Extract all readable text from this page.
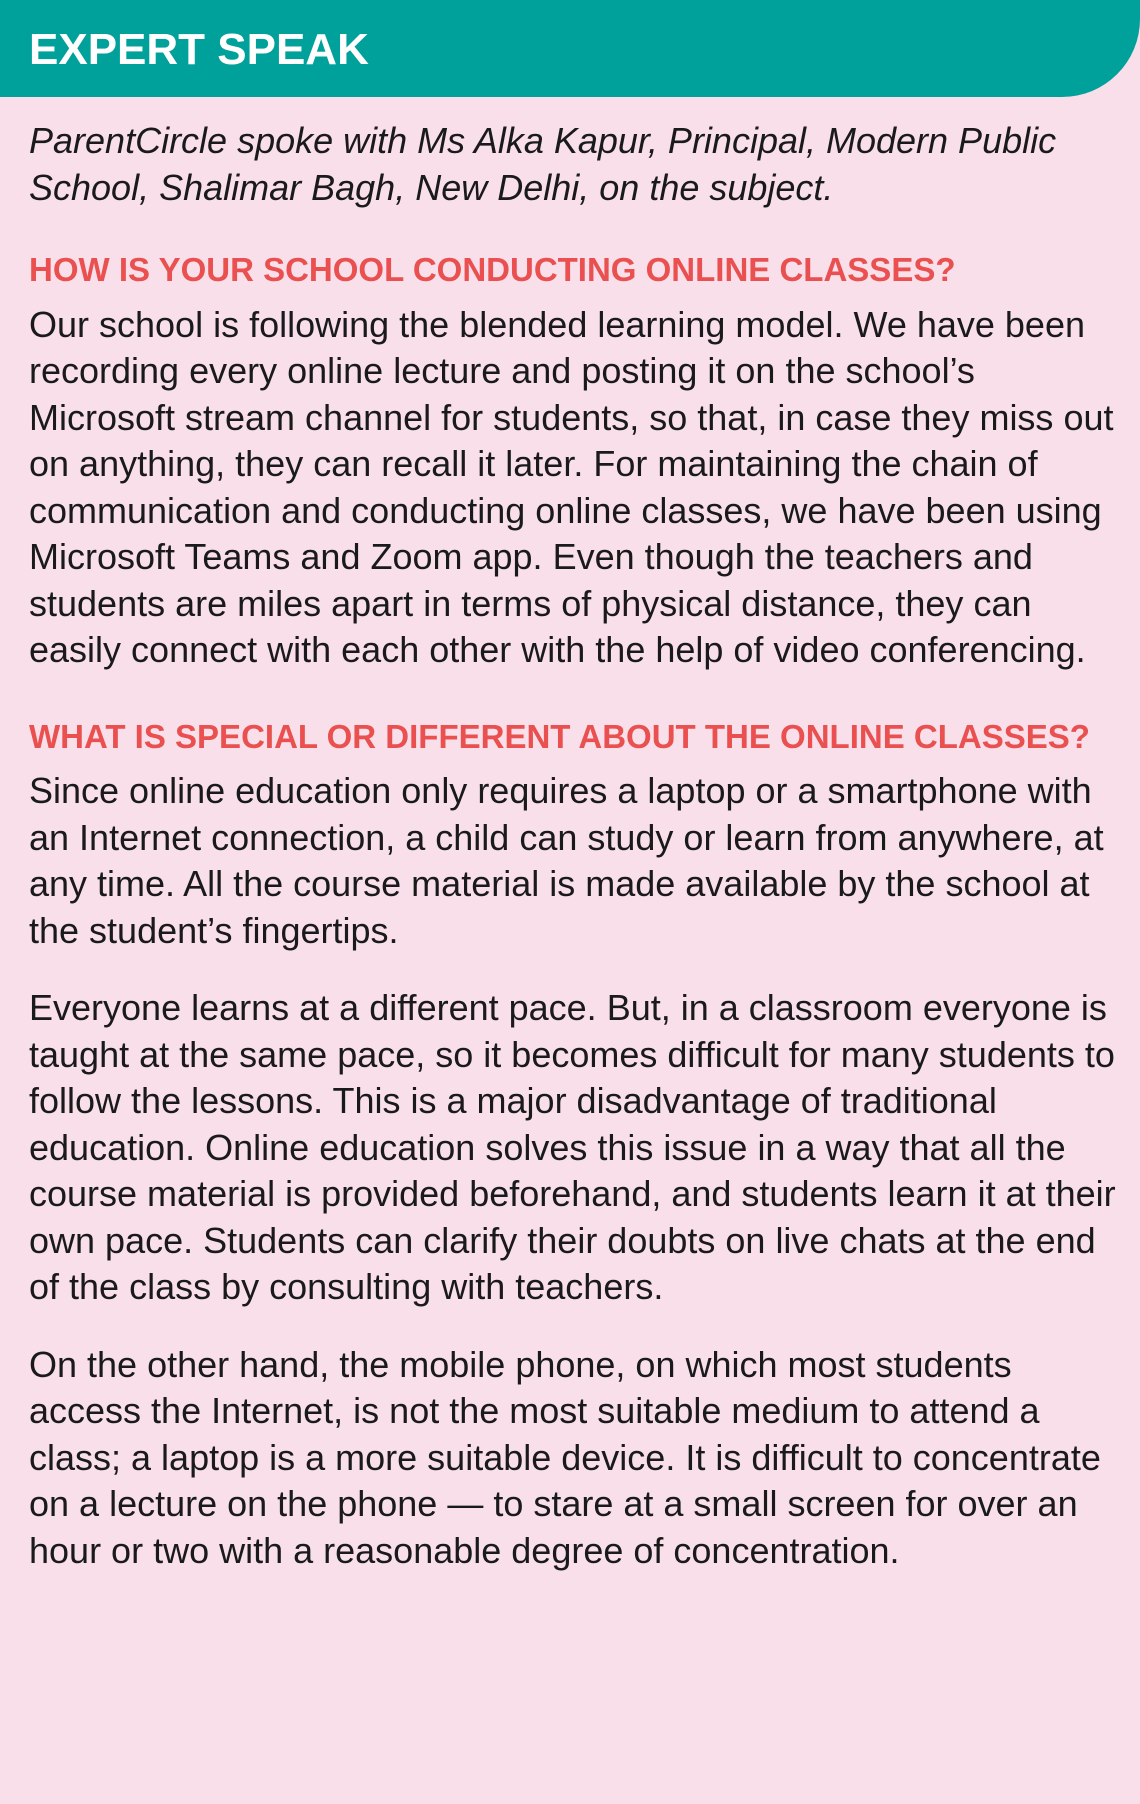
EXPERT SPEAK

ParentCircle spoke with Ms Alka Kapur, Principal, Modern Public School, Shalimar Bagh, New Delhi, on the subject.

HOW IS YOUR SCHOOL CONDUCTING ONLINE CLASSES?

Our school is following the blended learning model. We have been recording every online lecture and posting it on the school’s Microsoft stream channel for students, so that, in case they miss out on anything, they can recall it later. For maintaining the chain of communication and conducting online classes, we have been using Microsoft Teams and Zoom app. Even though the teachers and students are miles apart in terms of physical distance, they can easily connect with each other with the help of video conferencing.

WHAT IS SPECIAL OR DIFFERENT ABOUT THE ONLINE CLASSES?

Since online education only requires a laptop or a smartphone with an Internet connection, a child can study or learn from anywhere, at any time. All the course material is made available by the school at the student’s fingertips.

Everyone learns at a different pace. But, in a classroom everyone is taught at the same pace, so it becomes difficult for many students to follow the lessons. This is a major disadvantage of traditional education. Online education solves this issue in a way that all the course material is provided beforehand, and students learn it at their own pace. Students can clarify their doubts on live chats at the end of the class by consulting with teachers.

On the other hand, the mobile phone, on which most students access the Internet, is not the most suitable medium to attend a class; a laptop is a more suitable device. It is difficult to concentrate on a lecture on the phone — to stare at a small screen for over an hour or two with a reasonable degree of concentration.
